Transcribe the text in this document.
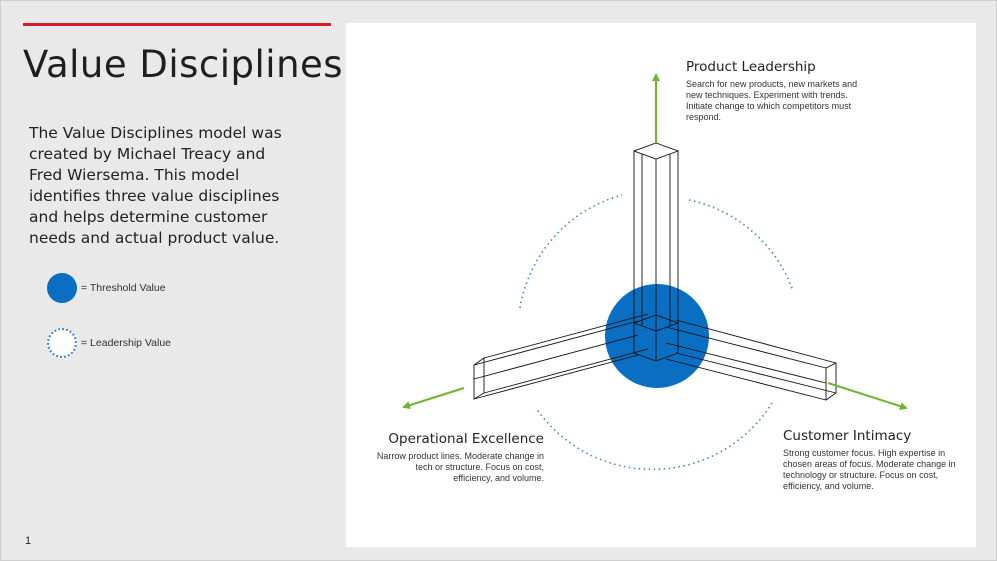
Value Disciplines
The Value Disciplines model was created by Michael Treacy and Fred Wiersema. This model identifies three value disciplines and helps determine customer needs and actual product value.
= Threshold Value
= Leadership Value
1
Product Leadership
Search for new products, new markets and new techniques. Experiment with trends. Initiate change to which competitors must respond.
Operational Excellence
Narrow product lines. Moderate change in tech or structure. Focus on cost, efficiency, and volume.
Customer Intimacy
Strong customer focus. High expertise in chosen areas of focus. Moderate change in technology or structure. Focus on cost, efficiency, and volume.
